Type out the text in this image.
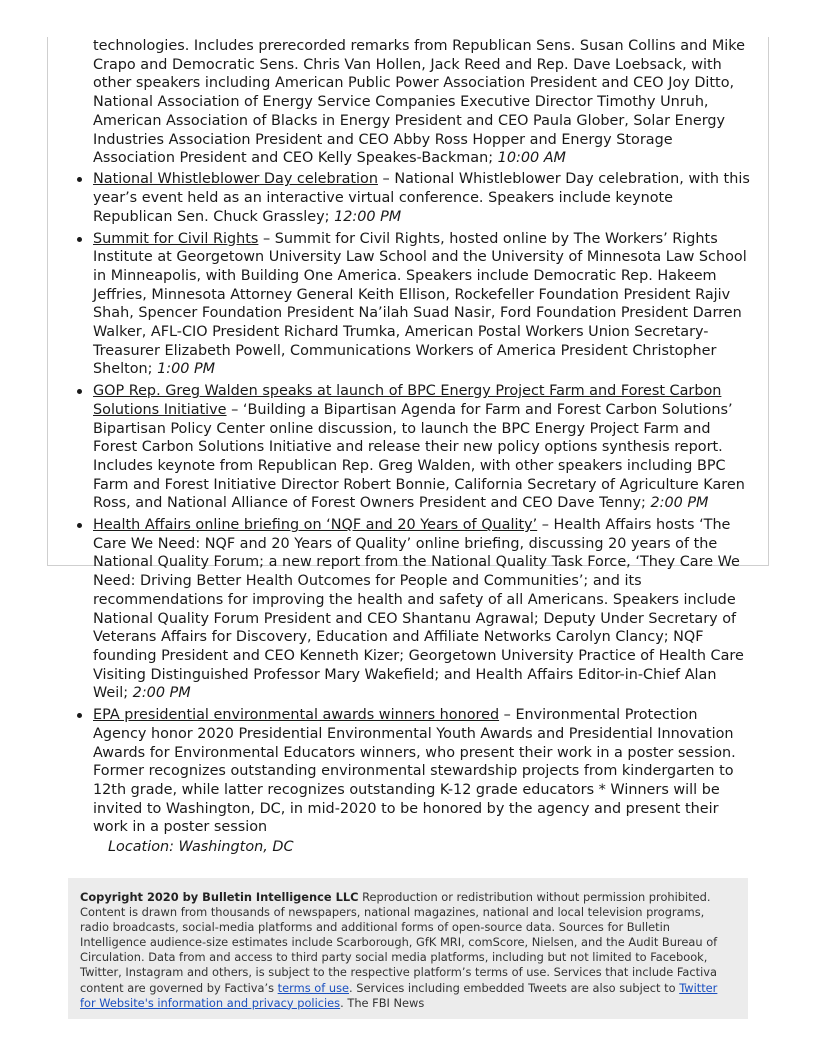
technologies. Includes prerecorded remarks from Republican Sens. Susan Collins and Mike Crapo and Democratic Sens. Chris Van Hollen, Jack Reed and Rep. Dave Loebsack, with other speakers including American Public Power Association President and CEO Joy Ditto, National Association of Energy Service Companies Executive Director Timothy Unruh, American Association of Blacks in Energy President and CEO Paula Glober, Solar Energy Industries Association President and CEO Abby Ross Hopper and Energy Storage Association President and CEO Kelly Speakes-Backman; 10:00 AM

National Whistleblower Day celebration – National Whistleblower Day celebration, with this year’s event held as an interactive virtual conference. Speakers include keynote Republican Sen. Chuck Grassley; 12:00 PM
Summit for Civil Rights – Summit for Civil Rights, hosted online by The Workers’ Rights Institute at Georgetown University Law School and the University of Minnesota Law School in Minneapolis, with Building One America. Speakers include Democratic Rep. Hakeem Jeffries, Minnesota Attorney General Keith Ellison, Rockefeller Foundation President Rajiv Shah, Spencer Foundation President Na’ilah Suad Nasir, Ford Foundation President Darren Walker, AFL-CIO President Richard Trumka, American Postal Workers Union Secretary-Treasurer Elizabeth Powell, Communications Workers of America President Christopher Shelton; 1:00 PM
GOP Rep. Greg Walden speaks at launch of BPC Energy Project Farm and Forest Carbon Solutions Initiative – ‘Building a Bipartisan Agenda for Farm and Forest Carbon Solutions’ Bipartisan Policy Center online discussion, to launch the BPC Energy Project Farm and Forest Carbon Solutions Initiative and release their new policy options synthesis report. Includes keynote from Republican Rep. Greg Walden, with other speakers including BPC Farm and Forest Initiative Director Robert Bonnie, California Secretary of Agriculture Karen Ross, and National Alliance of Forest Owners President and CEO Dave Tenny; 2:00 PM
Health Affairs online briefing on ‘NQF and 20 Years of Quality’ – Health Affairs hosts ‘The Care We Need: NQF and 20 Years of Quality’ online briefing, discussing 20 years of the National Quality Forum; a new report from the National Quality Task Force, ‘They Care We Need: Driving Better Health Outcomes for People and Communities’; and its recommendations for improving the health and safety of all Americans. Speakers include National Quality Forum President and CEO Shantanu Agrawal; Deputy Under Secretary of Veterans Affairs for Discovery, Education and Affiliate Networks Carolyn Clancy; NQF founding President and CEO Kenneth Kizer; Georgetown University Practice of Health Care Visiting Distinguished Professor Mary Wakefield; and Health Affairs Editor-in-Chief Alan Weil; 2:00 PM
EPA presidential environmental awards winners honored – Environmental Protection Agency honor 2020 Presidential Environmental Youth Awards and Presidential Innovation Awards for Environmental Educators winners, who present their work in a poster session. Former recognizes outstanding environmental stewardship projects from kindergarten to 12th grade, while latter recognizes outstanding K-12 grade educators * Winners will be invited to Washington, DC, in mid-2020 to be honored by the agency and present their work in a poster session
Location: Washington, DC
Copyright 2020 by Bulletin Intelligence LLC Reproduction or redistribution without permission prohibited. Content is drawn from thousands of newspapers, national magazines, national and local television programs, radio broadcasts, social-media platforms and additional forms of open-source data. Sources for Bulletin Intelligence audience-size estimates include Scarborough, GfK MRI, comScore, Nielsen, and the Audit Bureau of Circulation. Data from and access to third party social media platforms, including but not limited to Facebook, Twitter, Instagram and others, is subject to the respective platform’s terms of use. Services that include Factiva content are governed by Factiva’s terms of use. Services including embedded Tweets are also subject to Twitter for Website's information and privacy policies. The FBI News
